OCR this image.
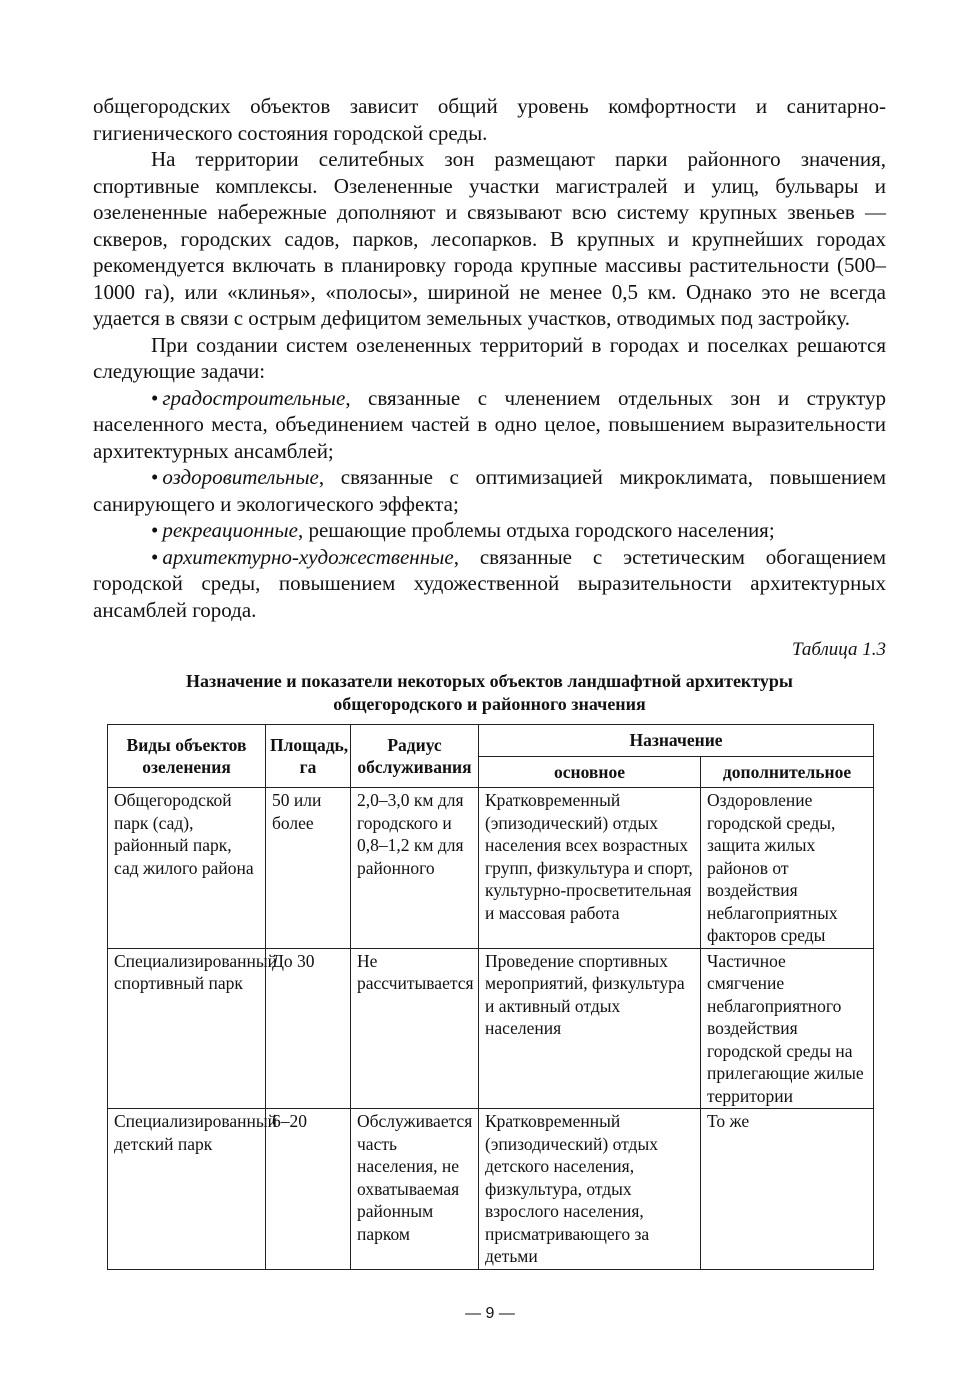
общегородских объектов зависит общий уровень комфортности и санитарно-гигиенического состояния городской среды.

На территории селитебных зон размещают парки районного значения, спортивные комплексы. Озелененные участки магистралей и улиц, бульвары и озелененные набережные дополняют и связывают всю систему крупных звеньев — скверов, городских садов, парков, лесопарков. В крупных и крупнейших городах рекомендуется включать в планировку города крупные массивы растительности (500–1000 га), или «клинья», «полосы», шириной не менее 0,5 км. Однако это не всегда удается в связи с острым дефицитом земельных участков, отводимых под застройку.

При создании систем озелененных территорий в городах и поселках решаются следующие задачи:

• градостроительные, связанные с членением отдельных зон и структур населенного места, объединением частей в одно целое, повышением выразительности архитектурных ансамблей;

• оздоровительные, связанные с оптимизацией микроклимата, повышением санирующего и экологического эффекта;

• рекреационные, решающие проблемы отдыха городского населения;

• архитектурно-художественные, связанные с эстетическим обогащением городской среды, повышением художественной выразительности архитектурных ансамблей города.

Таблица 1.3
Назначение и показатели некоторых объектов ландшафтной архитектуры
общегородского и районного значения
Виды объектов озеленения	Площадь, га	Радиус обслуживания	Назначение	
			основное	дополнительное
Общегородской парк (сад), районный парк, сад жилого района	50 или более	2,0–3,0 км для городского и 0,8–1,2 км для районного	Кратковременный (эпизодический) отдых населения всех возрастных групп, физкультура и спорт, культурно-просветительная и массовая работа	Оздоровление городской среды, защита жилых районов от воздействия неблагоприятных факторов среды
Специализированный спортивный парк	До 30	Не рассчитывается	Проведение спортивных мероприятий, физкультура и активный отдых населения	Частичное смягчение неблагоприятного воздействия городской среды на прилегающие жилые территории
Специализированный детский парк	6–20	Обслуживается часть населения, не охватываемая районным парком	Кратковременный (эпизодический) отдых детского населения, физкультура, отдых взрослого населения, присматривающего за детьми	То же
— 9 —
